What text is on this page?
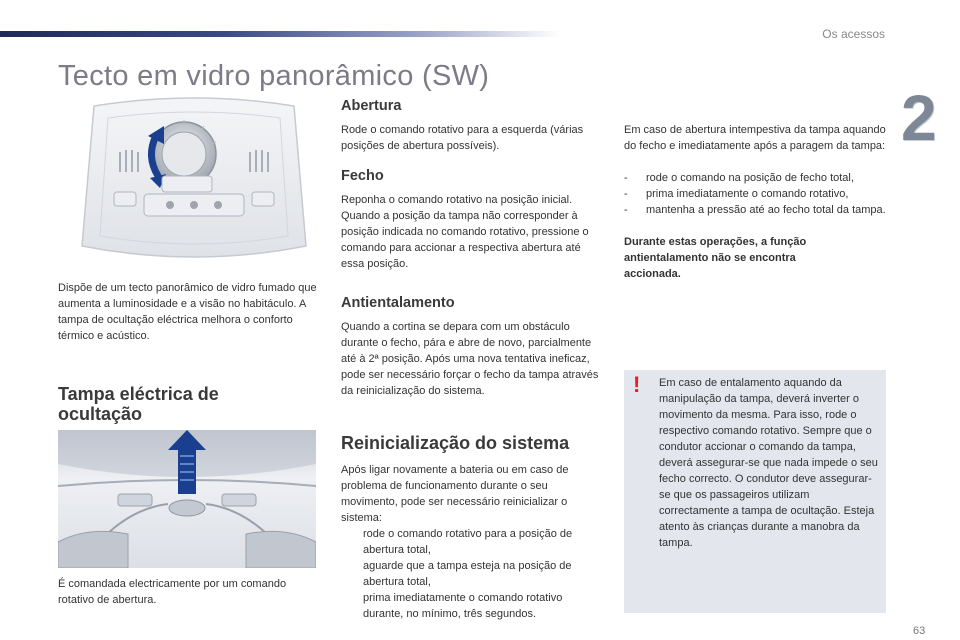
Os acessos
2
Tecto em vidro panorâmico (SW)

Dispõe de um tecto panorâmico de vidro fumado que aumenta a luminosidade e a visão no habitáculo. A tampa de ocultação eléctrica melhora o conforto térmico e acústico.

Tampa eléctrica de ocultação

É comandada electricamente por um comando rotativo de abertura.

Abertura

Rode o comando rotativo para a esquerda (várias posições de abertura possíveis).

Fecho

Reponha o comando rotativo na posição inicial. Quando a posição da tampa não corresponder à posição indicada no comando rotativo, pressione o comando para accionar a respectiva abertura até essa posição.

Antientalamento

Quando a cortina se depara com um obstáculo durante o fecho, pára e abre de novo, parcialmente até à 2ª posição. Após uma nova tentativa ineficaz, pode ser necessário forçar o fecho da tampa através da reinicialização do sistema.

Reinicialização do sistema

Após ligar novamente a bateria ou em caso de problema de funcionamento durante o seu movimento, pode ser necessário reinicializar o sistema:

rode o comando rotativo para a posição de abertura total,
aguarde que a tampa esteja na posição de abertura total,
prima imediatamente o comando rotativo durante, no mínimo, três segundos.

Em caso de abertura intempestiva da tampa aquando do fecho e imediatamente após a paragem da tampa:

- rode o comando na posição de fecho total,
- prima imediatamente o comando rotativo,
- mantenha a pressão até ao fecho total da tampa.

Durante estas operações, a função antientalamento não se encontra accionada.

! Em caso de entalamento aquando da manipulação da tampa, deverá inverter o movimento da mesma. Para isso, rode o respectivo comando rotativo. Sempre que o condutor accionar o comando da tampa, deverá assegurar-se que nada impede o seu fecho correcto. O condutor deve assegurar-se que os passageiros utilizam correctamente a tampa de ocultação. Esteja atento às crianças durante a manobra da tampa.

63
